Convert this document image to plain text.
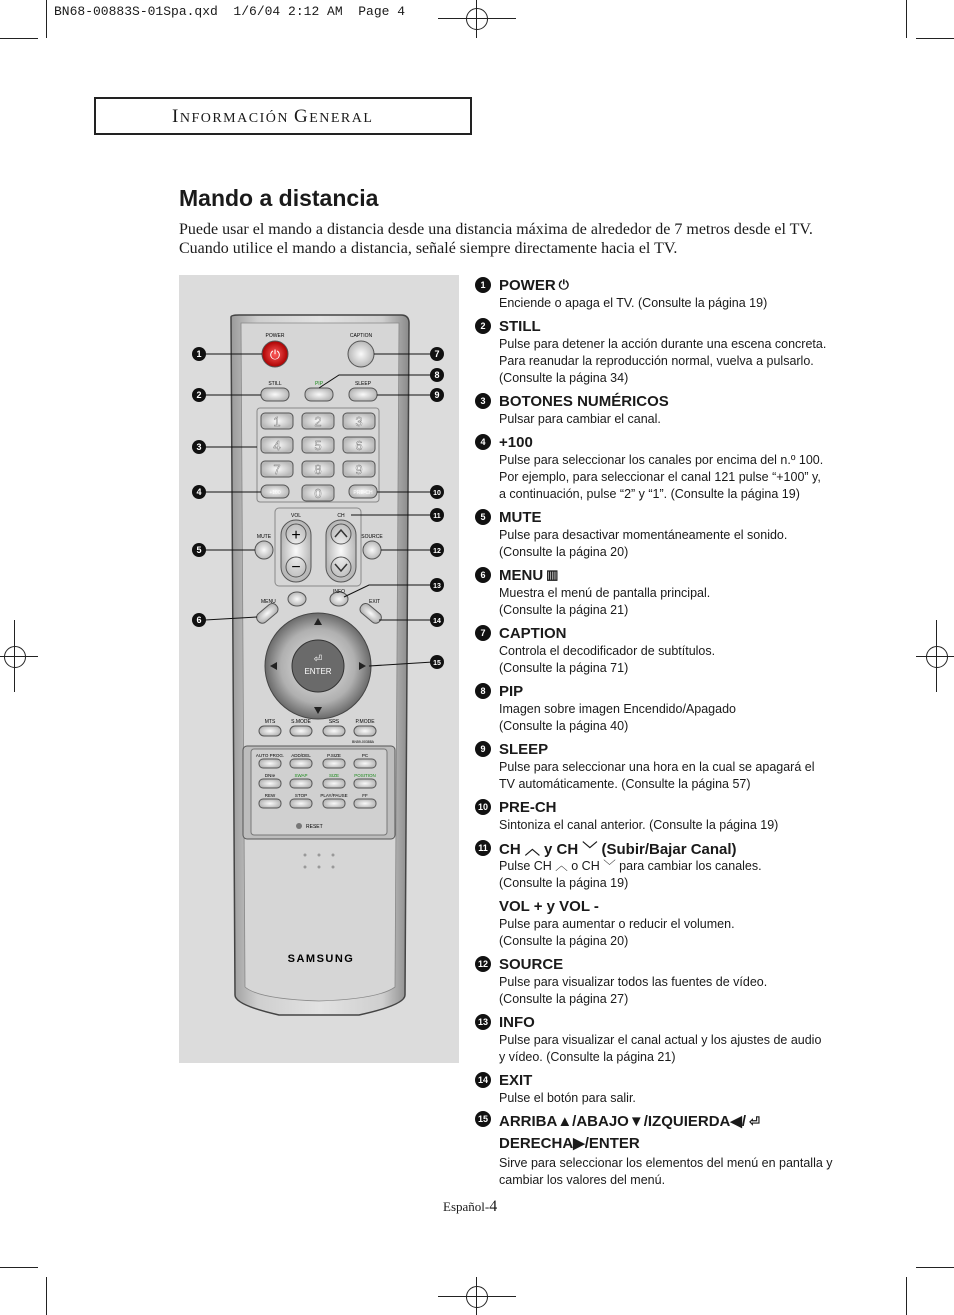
BN68-00883S-01Spa.qxd  1/6/04 2:12 AM  Page 4
INFORMACIÓN GENERAL
Mando a distancia
Puede usar el mando a distancia desde una distancia máxima de alrededor de 7 metros desde el TV. Cuando utilice el mando a distancia, señalé siempre directamente hacia el TV.
POWER
⏻
CAPTION
STILL	PIP	SLEEP
1	2	3
4	5	6
7	8	9
0
+100	PRE-CH
VOL	CH
+
−
MUTE	SOURCE
MENU
INFO
EXIT
ENTER
⏎
MTS	S.MODE	SRS	P.MODE
BN59-00388A
AUTO PROG. ADD/DEL	P.SIZE	PC
DNIe	SWAP	SIZE	POSITION
REW	STOP	PLAY/PAUSE	FF
RESET
SAMSUNG
1
2
3
4
5
6
7
8
9
10
11
12
13
14
15
1 POWER ⏻
Enciende o apaga el TV. (Consulte la página 19)
2 STILL
Pulse para detener la acción durante una escena concreta.
Para reanudar la reproducción normal, vuelva a pulsarlo.
(Consulte la página 34)
3 BOTONES NUMÉRICOS
Pulsar para cambiar el canal.
4 +100
Pulse para seleccionar los canales por encima del n.º 100.
Por ejemplo, para seleccionar el canal 121 pulse “+100” y,
a continuación, pulse “2” y “1”. (Consulte la página 19)
5 MUTE
Pulse para desactivar momentáneamente el sonido.
(Consulte la página 20)
6 MENU ▥
Muestra el menú de pantalla principal.
(Consulte la página 21)
7 CAPTION
Controla el decodificador de subtítulos.
(Consulte la página 71)
8 PIP
Imagen sobre imagen Encendido/Apagado
(Consulte la página 40)
9 SLEEP
Pulse para seleccionar una hora en la cual se apagará el
TV automáticamente. (Consulte la página 57)
10 PRE-CH
Sintoniza el canal anterior. (Consulte la página 19)
11 CH ︿ y CH ﹀ (Subir/Bajar Canal)
Pulse CH ︿ o CH ﹀ para cambiar los canales.
(Consulte la página 19)
VOL + y VOL -
Pulse para aumentar o reducir el volumen.
(Consulte la página 20)
12 SOURCE
Pulse para visualizar todos las fuentes de vídeo.
(Consulte la página 27)
13 INFO
Pulse para visualizar el canal actual y los ajustes de audio
y vídeo. (Consulte la página 21)
14 EXIT
Pulse el botón para salir.
15 ARRIBA▲/ABAJO▼/IZQUIERDA◀/
DERECHA▶/ENTER
⏎
Sirve para seleccionar los elementos del menú en pantalla y
cambiar los valores del menú.
Español-4
